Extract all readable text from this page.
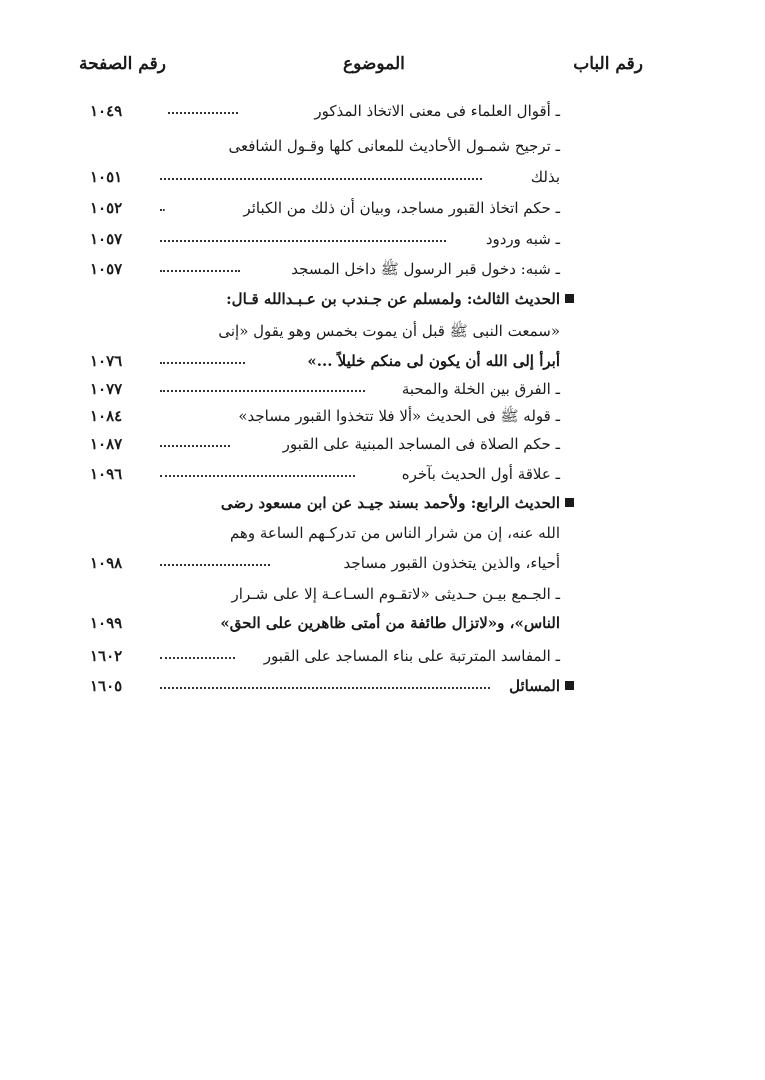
رقم الباب
الموضوع
رقم الصفحة
ـ أقوال العلماء فى معنى الاتخاذ المذكور
١٠٤٩
ـ ترجيح شمـول الأحاديث للمعانى كلها وقـول الشافعى
بذلك
١٠٥١
ـ حكم اتخاذ القبور مساجد، وبيان أن ذلك من الكبائر
١٠٥٢
ـ شبه وردود
١٠٥٧
ـ شبه: دخول قبر الرسول ﷺ داخل المسجد
١٠٥٧
الحديث الثالث: ولمسلم عن جـندب بن عـبـدالله قـال:
«سمعت النبى ﷺ قبل أن يموت بخمس وهو يقول «إنى
أبرأ إلى الله أن يكون لى منكم خليلاً ...»
١٠٧٦
ـ الفرق بين الخلة والمحبة
١٠٧٧
ـ قوله ﷺ فى الحديث «ألا فلا تتخذوا القبور مساجد»
١٠٨٤
ـ حكم الصلاة فى المساجد المبنية على القبور
١٠٨٧
ـ علاقة أول الحديث بآخره
١٠٩٦
الحديث الرابع: ولأحمد بسند جيـد عن ابن مسعود رضى
الله عنه، إن من شرار الناس من تدركـهم الساعة وهم
أحياء، والذين يتخذون القبور مساجد
١٠٩٨
ـ الجـمع بيـن حـديثى «لاتقـوم السـاعـة إلا على شـرار
الناس»، و«لاتزال طائفة من أمتى ظاهرين على الحق»
١٠٩٩
ـ المفاسد المترتبة على بناء المساجد على القبور
١٦٠٢
المسائل
١٦٠٥
